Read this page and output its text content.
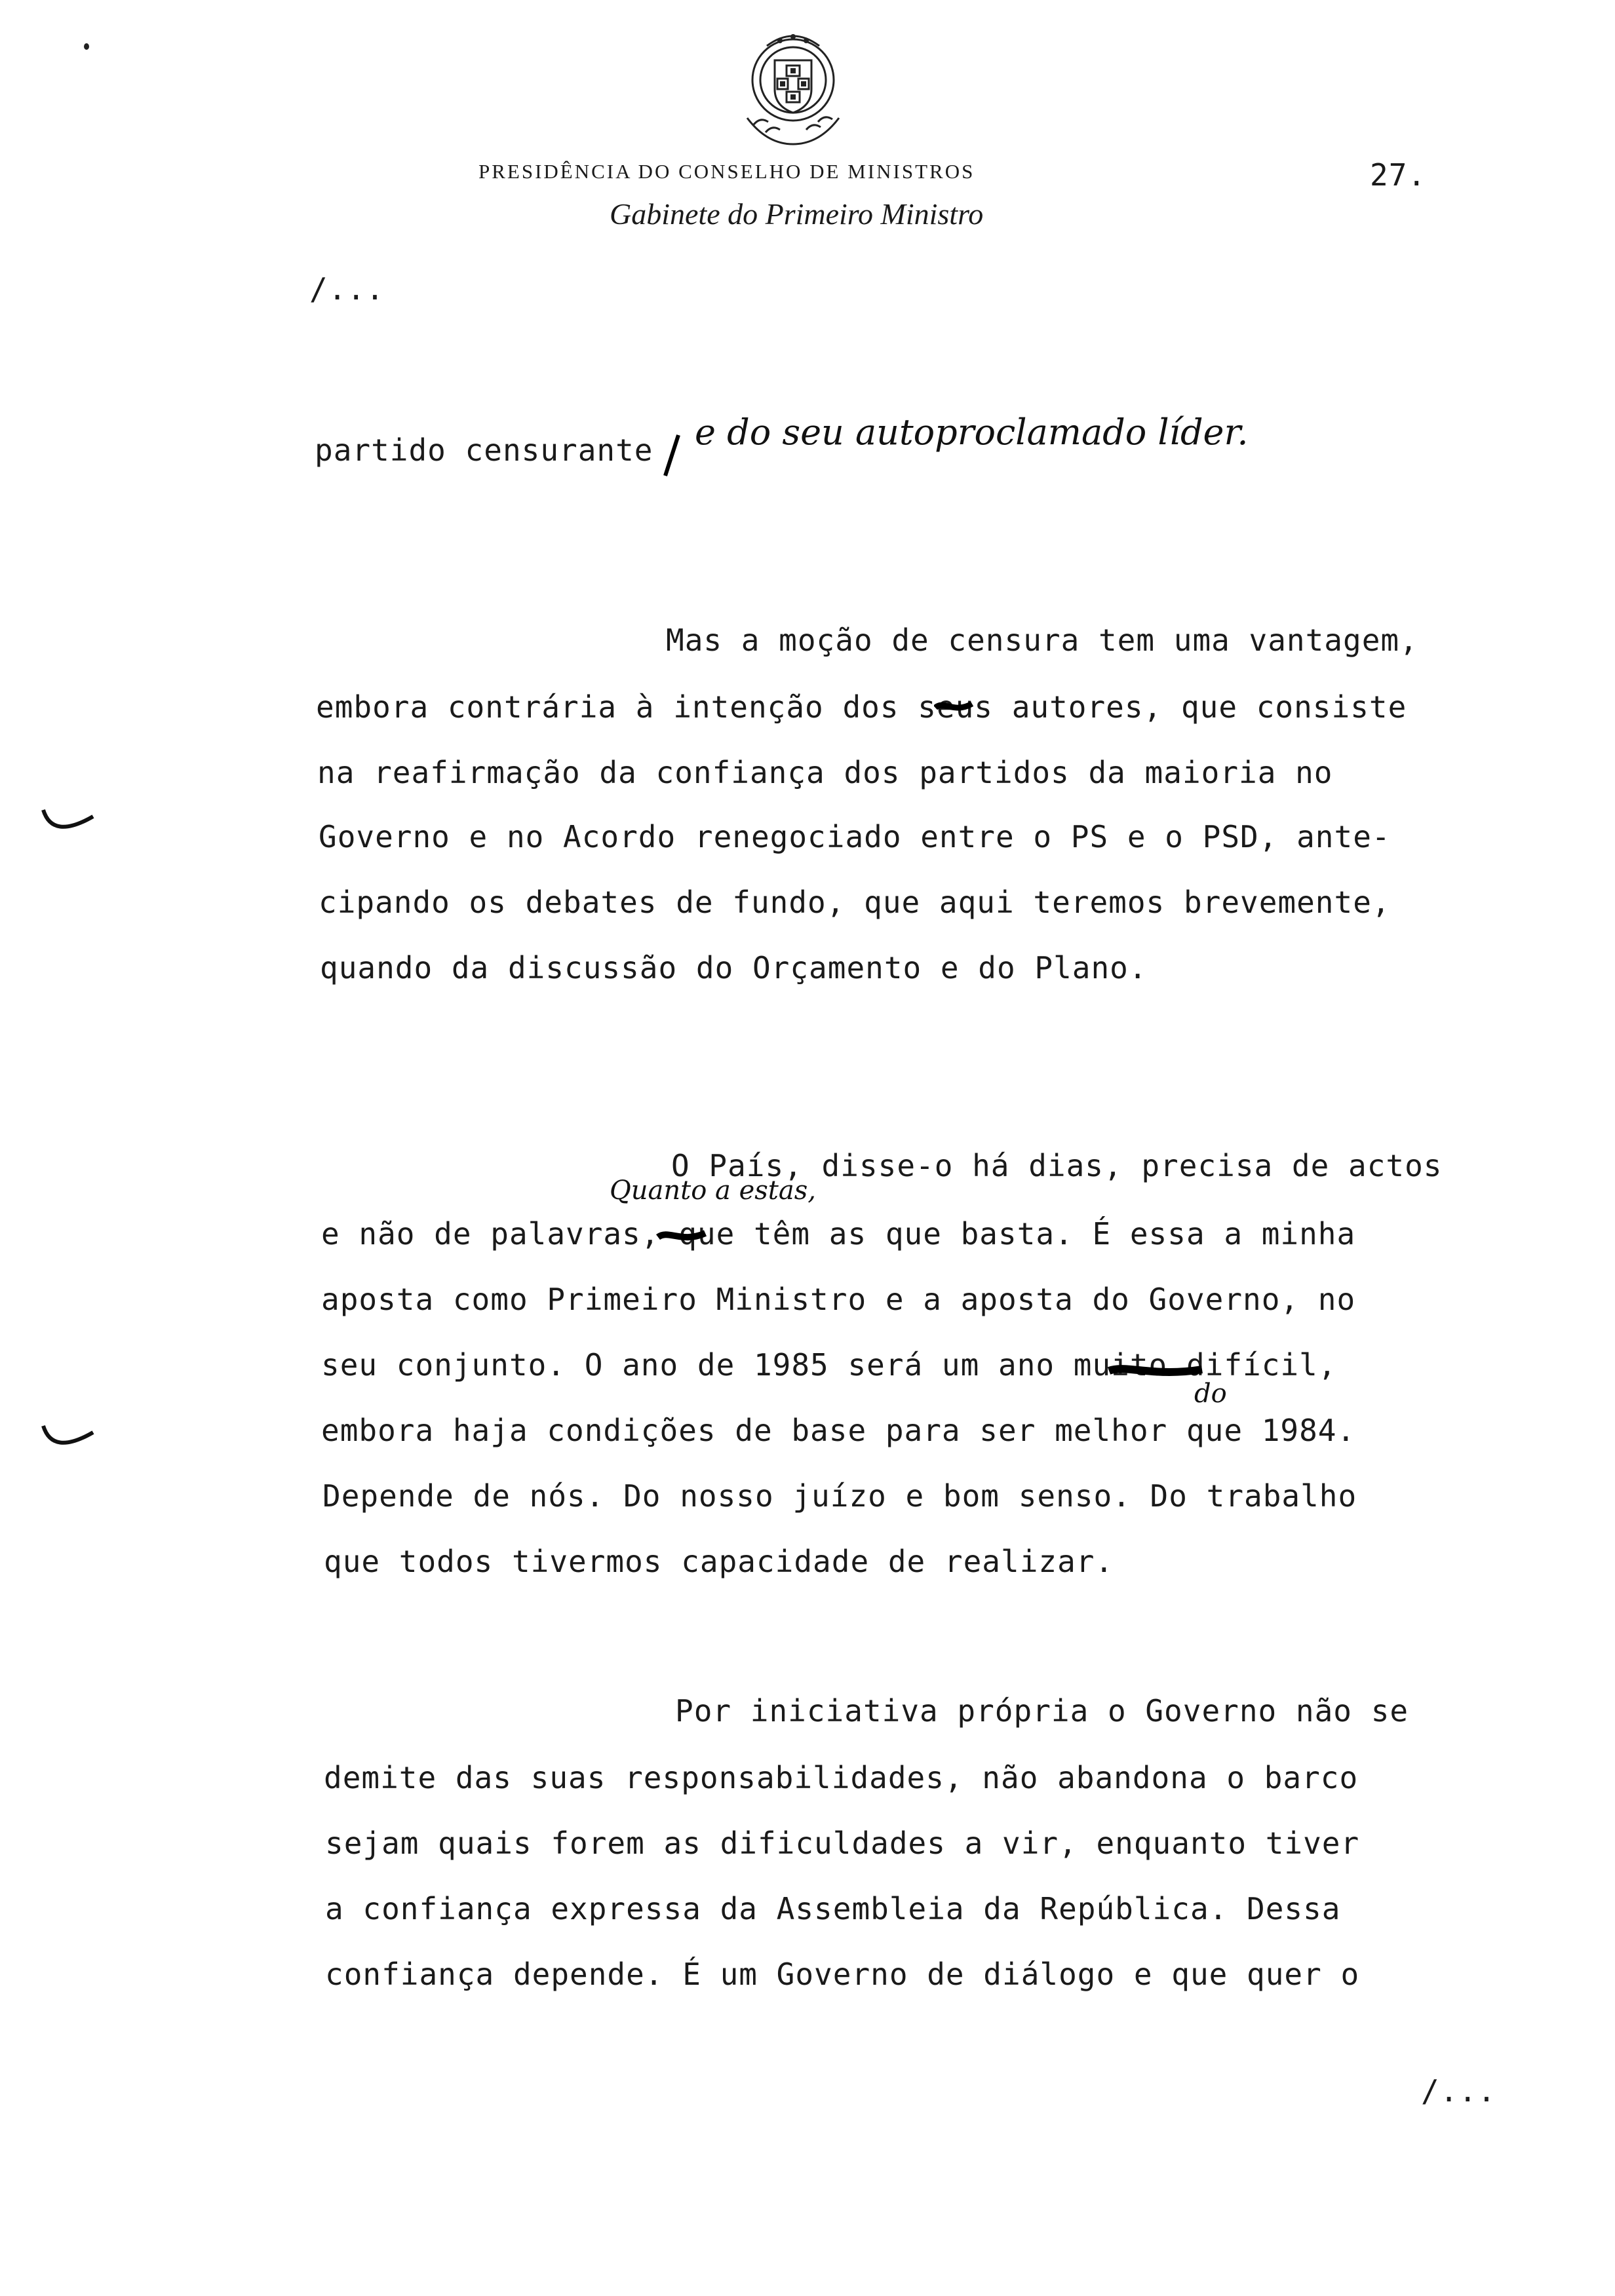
PRESIDÊNCIA DO CONSELHO DE MINISTROS
Gabinete do Primeiro Ministro
27.
/...
partido censurante e do seu autoproclamado líder.
Mas a moção de censura tem uma vantagem,
embora contrária à intenção dos seus autores, que consiste
na reafirmação da confiança dos partidos da maioria no
Governo e no Acordo renegociado entre o PS e o PSD, ante-
cipando os debates de fundo, que aqui teremos brevemente,
quando da discussão do Orçamento e do Plano.
O País, disse-o há dias, precisa de actos
Quanto a estas,
e não de palavras, que têm as que basta. É essa a minha
aposta como Primeiro Ministro e a aposta do Governo, no
seu conjunto. O ano de 1985 será um ano muito difícil,
do
embora haja condições de base para ser melhor que 1984.
Depende de nós. Do nosso juízo e bom senso. Do trabalho
que todos tivermos capacidade de realizar.
Por iniciativa própria o Governo não se
demite das suas responsabilidades, não abandona o barco
sejam quais forem as dificuldades a vir, enquanto tiver
a confiança expressa da Assembleia da República. Dessa
confiança depende. É um Governo de diálogo e que quer o
/...
